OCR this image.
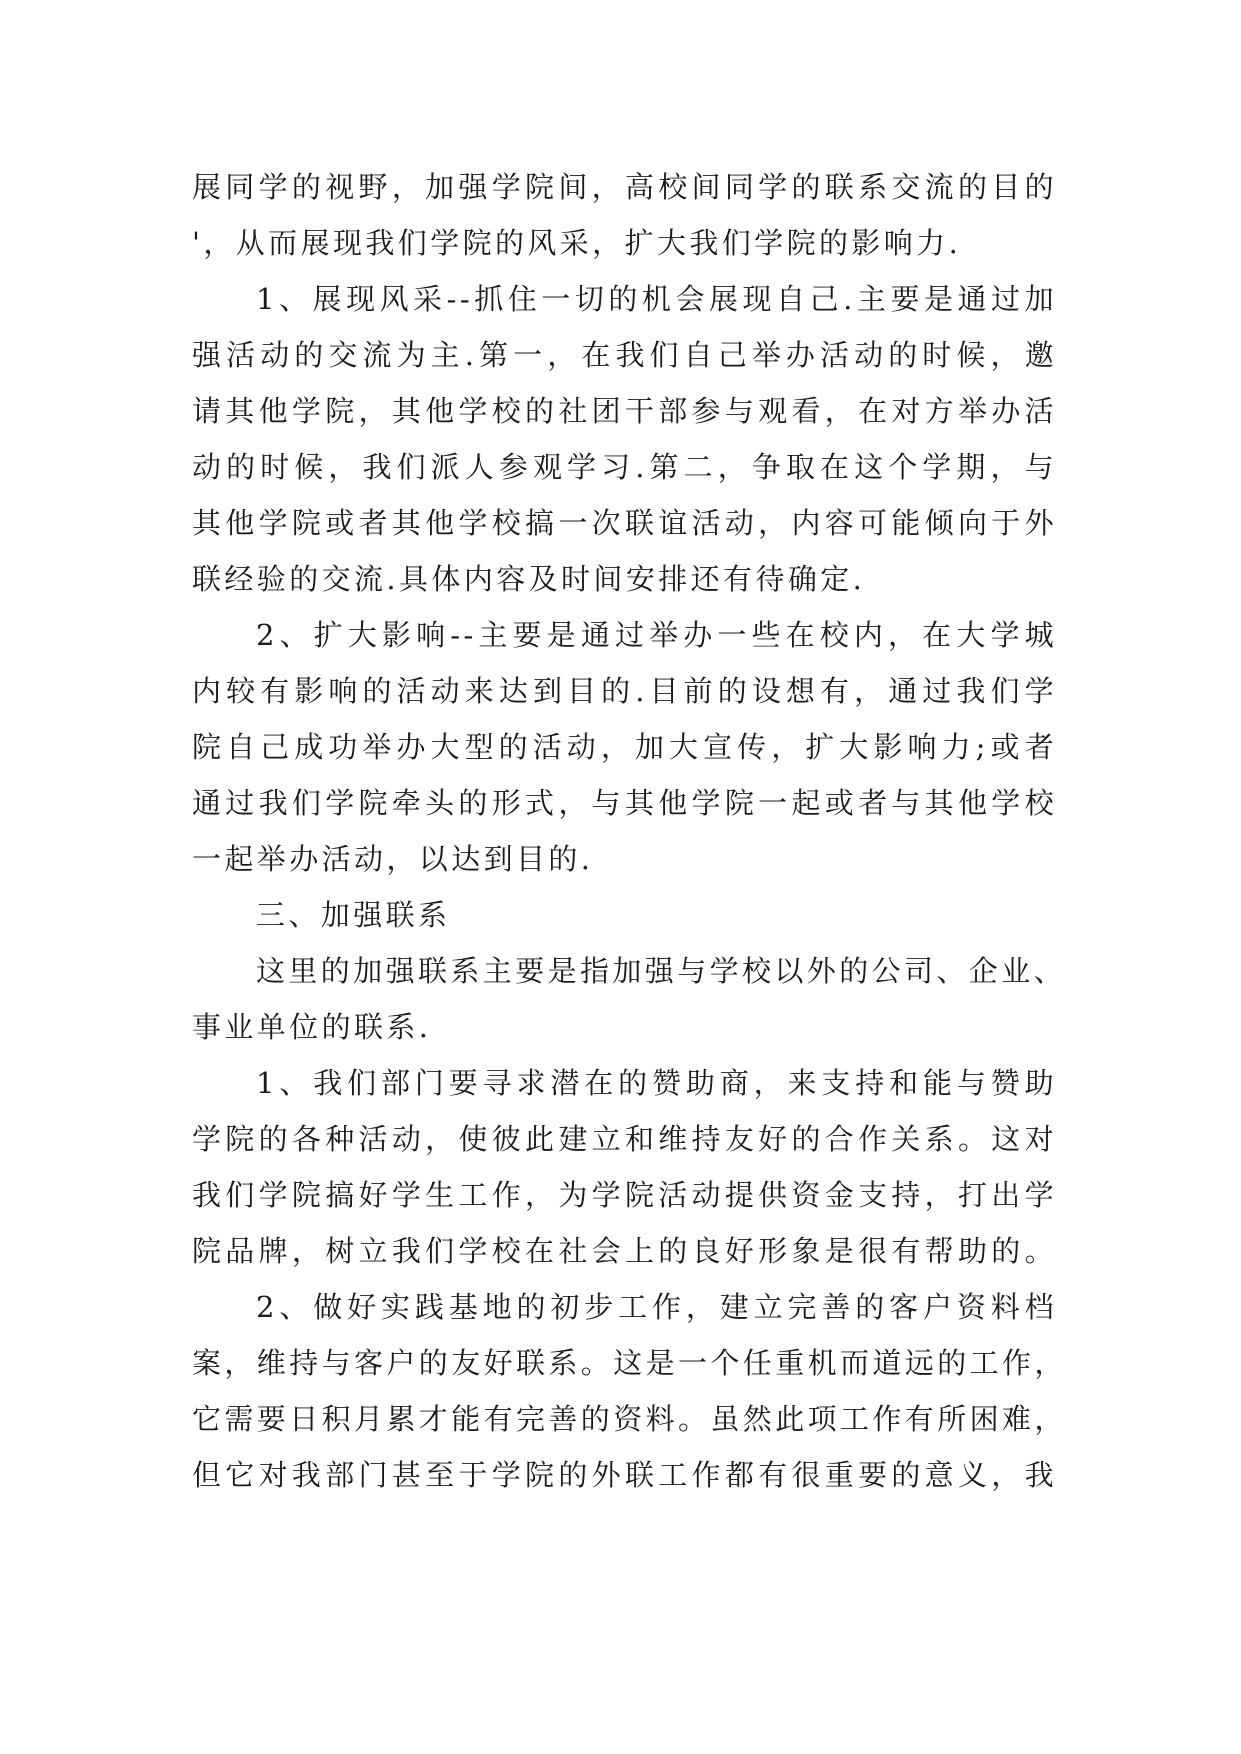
展同学的视野，加强学院间，高校间同学的联系交流的目的
'，从而展现我们学院的风采，扩大我们学院的影响力.
1、展现风采--抓住一切的机会展现自己.主要是通过加
强活动的交流为主.第一，在我们自己举办活动的时候，邀
请其他学院，其他学校的社团干部参与观看，在对方举办活
动的时候，我们派人参观学习.第二，争取在这个学期，与
其他学院或者其他学校搞一次联谊活动，内容可能倾向于外
联经验的交流.具体内容及时间安排还有待确定.
2、扩大影响--主要是通过举办一些在校内，在大学城
内较有影响的活动来达到目的.目前的设想有，通过我们学
院自己成功举办大型的活动，加大宣传，扩大影响力;或者
通过我们学院牵头的形式，与其他学院一起或者与其他学校
一起举办活动，以达到目的.
三、加强联系
这里的加强联系主要是指加强与学校以外的公司、企业、
事业单位的联系.
1、我们部门要寻求潜在的赞助商，来支持和能与赞助
学院的各种活动，使彼此建立和维持友好的合作关系。这对
我们学院搞好学生工作，为学院活动提供资金支持，打出学
院品牌，树立我们学校在社会上的良好形象是很有帮助的。
2、做好实践基地的初步工作，建立完善的客户资料档
案，维持与客户的友好联系。这是一个任重机而道远的工作，
它需要日积月累才能有完善的资料。虽然此项工作有所困难，
但它对我部门甚至于学院的外联工作都有很重要的意义，我
